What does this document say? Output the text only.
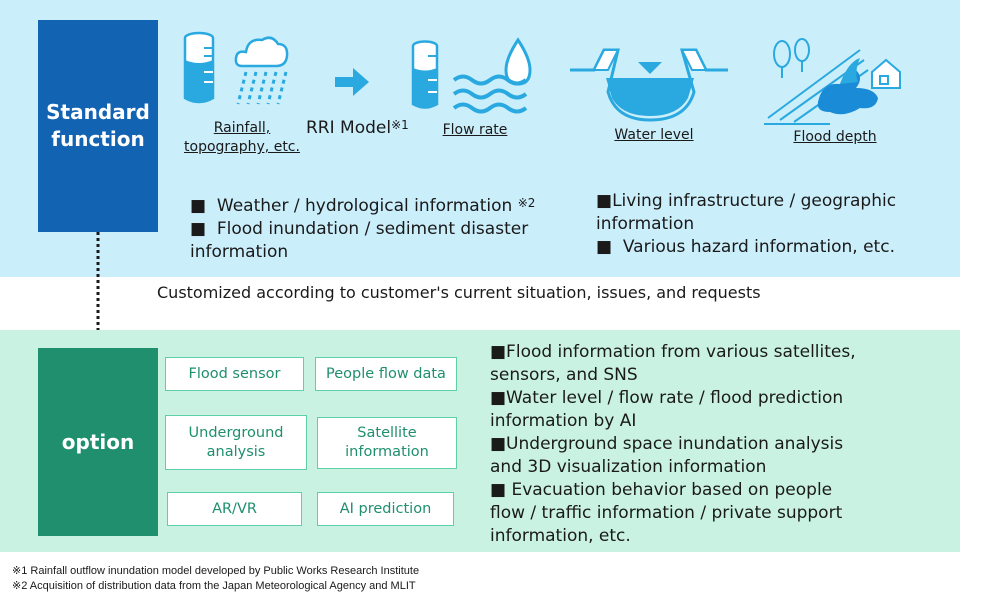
Standard
function	Rainfall,
topography, etc.
RRI Model$^{※1}$	Flow rate	Water level	Flood depth
■ Weather / hydrological information $^{※2}$
■ Flood inundation / sediment disaster
information
■Living infrastructure / geographic
information
■ Various hazard information, etc.
Customized according to customer's current situation, issues, and requests
option
Flood sensor	People flow data
Underground
analysis
Satellite
information
AR/VR	AI prediction
■Flood information from various satellites,
sensors, and SNS
■Water level / flow rate / flood prediction
information by AI
■Underground space inundation analysis
and 3D visualization information
■ Evacuation behavior based on people
flow / traffic information / private support
information, etc.
※1 Rainfall outflow inundation model developed by Public Works Research Institute
※2 Acquisition of distribution data from the Japan Meteorological Agency and MLIT
